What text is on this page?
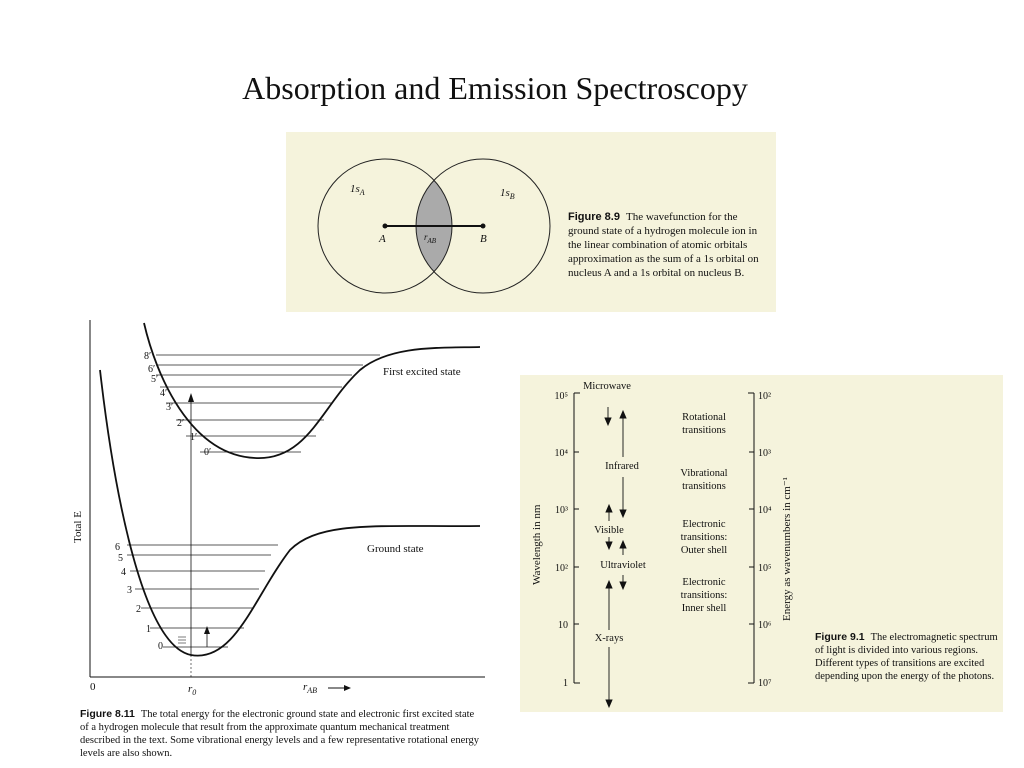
Absorption and Emission Spectroscopy
$1s_A$	$1s_B$
A	B
$r_{AB}$
Figure 8.9 The wavefunction for the ground state of a hydrogen molecule ion in the linear combination of atomic orbitals approximation as the sum of a 1s orbital on nucleus A and a 1s orbital on nucleus B.
8′
6′
5′
4′
3′
2′
1′
0′
6
5
4
3
2
1
0
First excited state
Ground state
Total E
0	$r_0$	$r_{AB}$
Figure 8.11 The total energy for the electronic ground state and electronic first excited state of a hydrogen molecule that result from the approximate quantum mechanical treatment described in the text. Some vibrational energy levels and a few representative rotational energy levels are also shown.
10⁵
10⁴
10³
10²
10
1
10²
10³
10⁴
10⁵
10⁶
10⁷
Wavelength in nm	Energy as wavenumbers in cm⁻¹
Microwave
Infrared
Visible
Ultraviolet
X-rays
Rotational transitions
Vibrational transitions
Electronic transitions: Outer shell
Electronic transitions: Inner shell
Figure 9.1 The electromagnetic spectrum of light is divided into various regions. Different types of transitions are excited depending upon the energy of the photons.
